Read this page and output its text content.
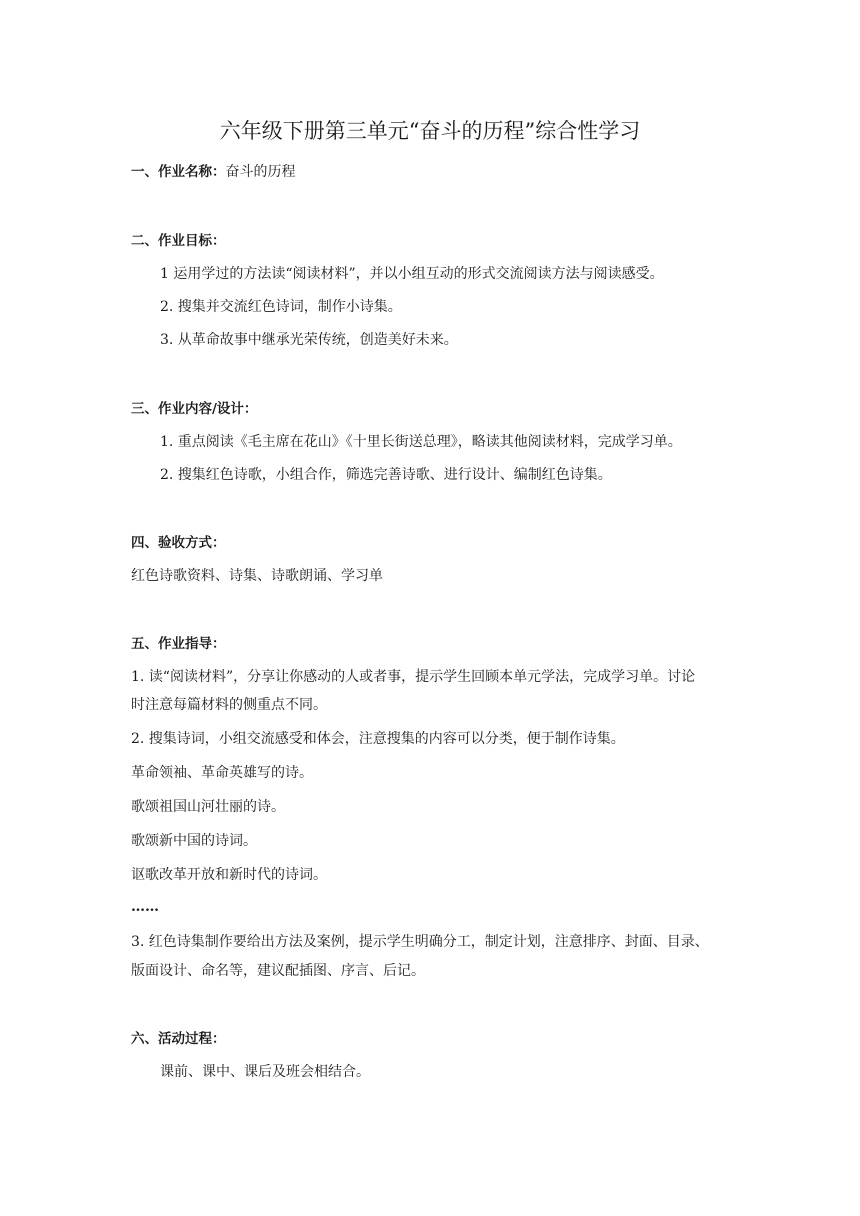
六年级下册第三单元“奋斗的历程”综合性学习
一、作业名称：奋斗的历程
二、作业目标：
1 运用学过的方法读“阅读材料”，并以小组互动的形式交流阅读方法与阅读感受。
2. 搜集并交流红色诗词，制作小诗集。
3. 从革命故事中继承光荣传统，创造美好未来。
三、作业内容/设计：
1. 重点阅读《毛主席在花山》《十里长街送总理》，略读其他阅读材料，完成学习单。
2. 搜集红色诗歌，小组合作，筛选完善诗歌、进行设计、编制红色诗集。
四、验收方式：
红色诗歌资料、诗集、诗歌朗诵、学习单
五、作业指导：
1. 读“阅读材料”，分享让你感动的人或者事，提示学生回顾本单元学法，完成学习单。讨论
时注意每篇材料的侧重点不同。
2. 搜集诗词，小组交流感受和体会，注意搜集的内容可以分类，便于制作诗集。
革命领袖、革命英雄写的诗。
歌颂祖国山河壮丽的诗。
歌颂新中国的诗词。
讴歌改革开放和新时代的诗词。
……
3. 红色诗集制作要给出方法及案例，提示学生明确分工，制定计划，注意排序、封面、目录、
版面设计、命名等，建议配插图、序言、后记。
六、活动过程：
课前、课中、课后及班会相结合。
